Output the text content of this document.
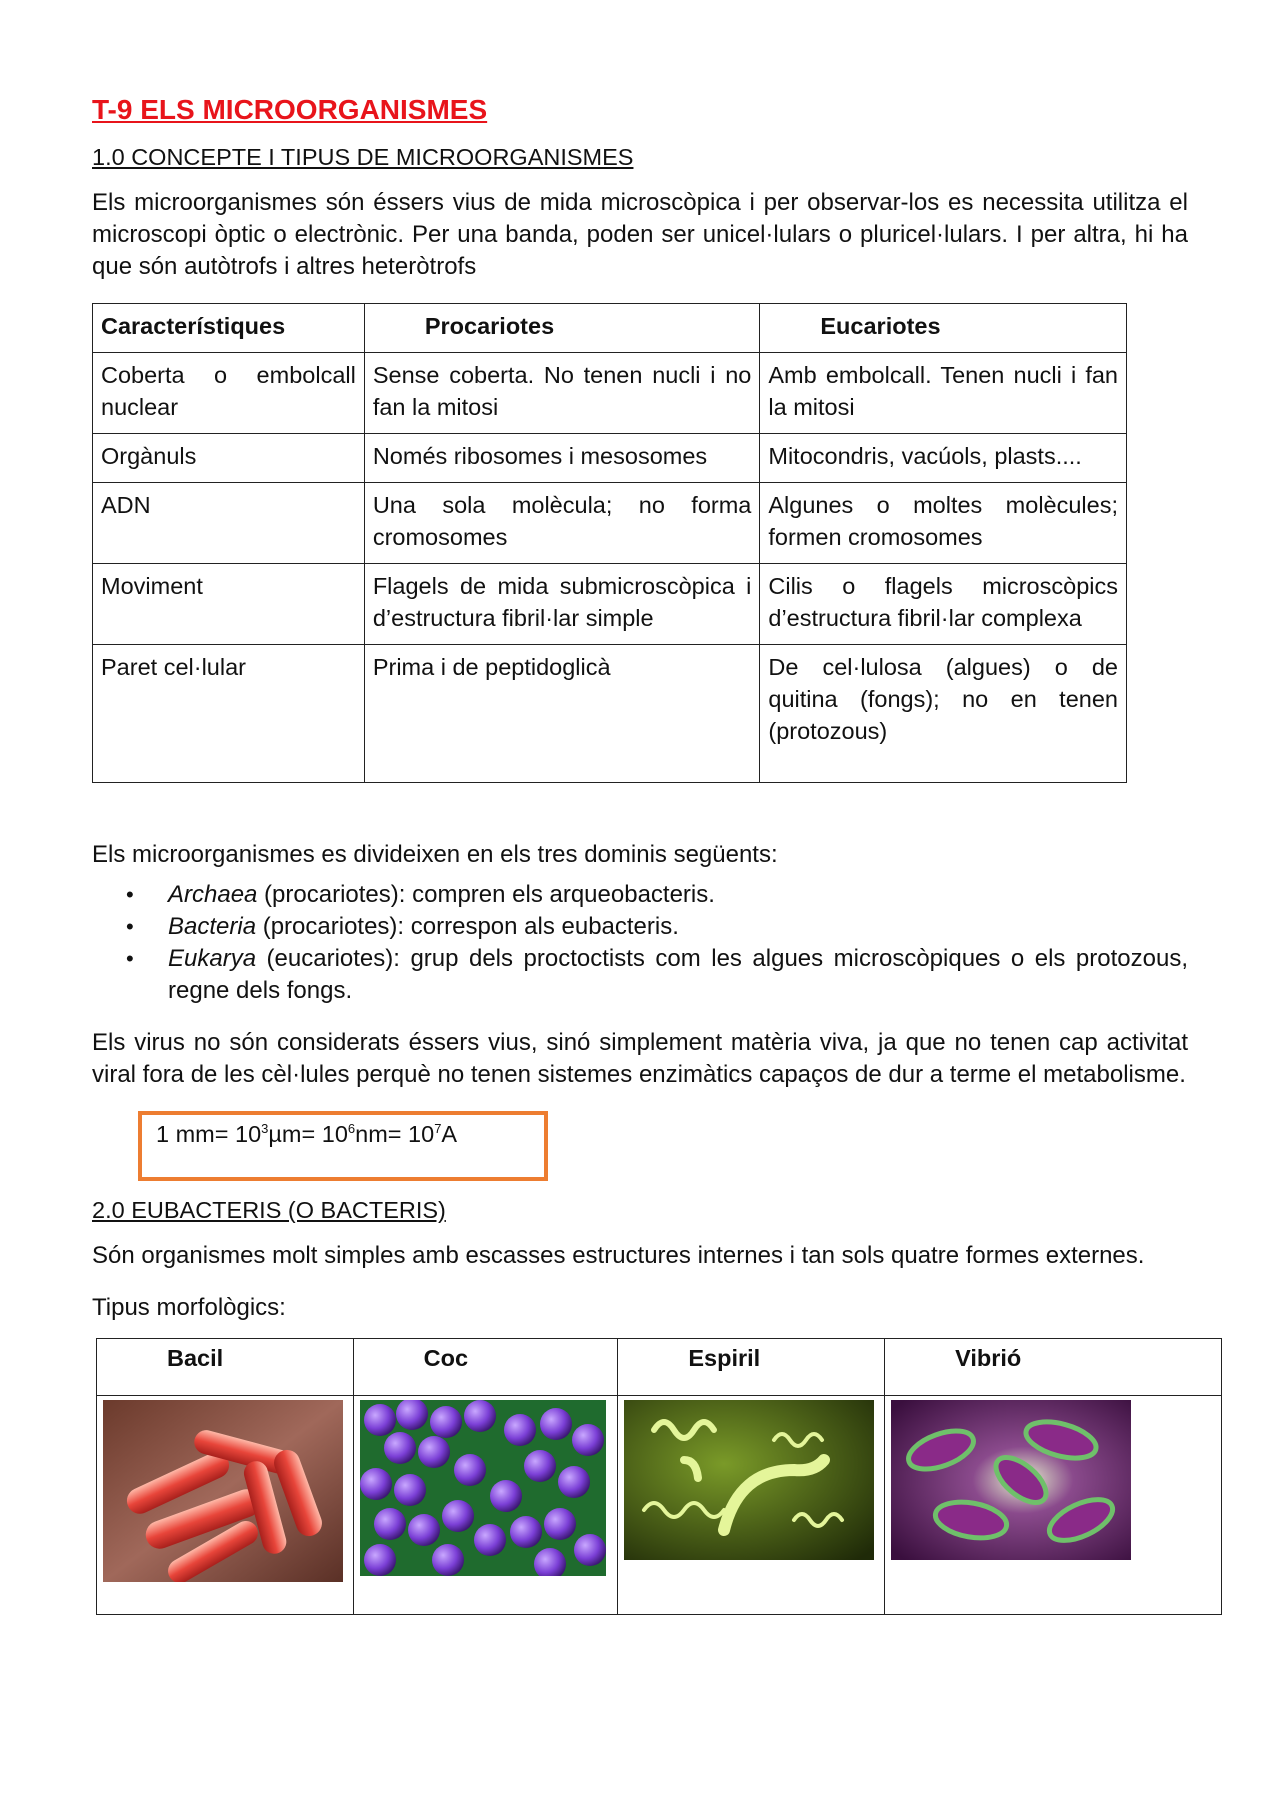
T-9 ELS MICROORGANISMES
1.0 CONCEPTE I TIPUS DE MICROORGANISMES

Els microorganismes són éssers vius de mida microscòpica i per observar-los es necessita utilitza el microscopi òptic o electrònic. Per una banda, poden ser unicel·lulars o pluricel·lulars. I per altra, hi ha que són autòtrofs i altres heteròtrofs

Característiques	Procariotes	Eucariotes
Coberta o embolcall nuclear	Sense coberta. No tenen nucli i no fan la mitosi	Amb embolcall. Tenen nucli i fan la mitosi
Orgànuls	Només ribosomes i mesosomes	Mitocondris, vacúols, plasts....
ADN	Una sola molècula; no forma cromosomes	Algunes o moltes molècules; formen cromosomes
Moviment	Flagels de mida submicroscòpica i d’estructura fibril·lar simple	Cilis o flagels microscòpics d’estructura fibril·lar complexa
Paret cel·lular	Prima i de peptidoglicà	De cel·lulosa (algues) o de quitina (fongs); no en tenen (protozous)

Els microorganismes es divideixen en els tres dominis següents:

• Archaea (procariotes): compren els arqueobacteris.
• Bacteria (procariotes): correspon als eubacteris.
• Eukarya (eucariotes): grup dels proctoctists com les algues microscòpiques o els protozous, regne dels fongs.

Els virus no són considerats éssers vius, sinó simplement matèria viva, ja que no tenen cap activitat viral fora de les cèl·lules perquè no tenen sistemes enzimàtics capaços de dur a terme el metabolisme.

1 $mm= 10^3\mu m= 10^6nm= 10^7A$
2.0 EUBACTERIS (O BACTERIS)

Són organismes molt simples amb escasses estructures internes i tan sols quatre formes externes.

Tipus morfològics:

Bacil	Coc	Espiril	Vibrió
